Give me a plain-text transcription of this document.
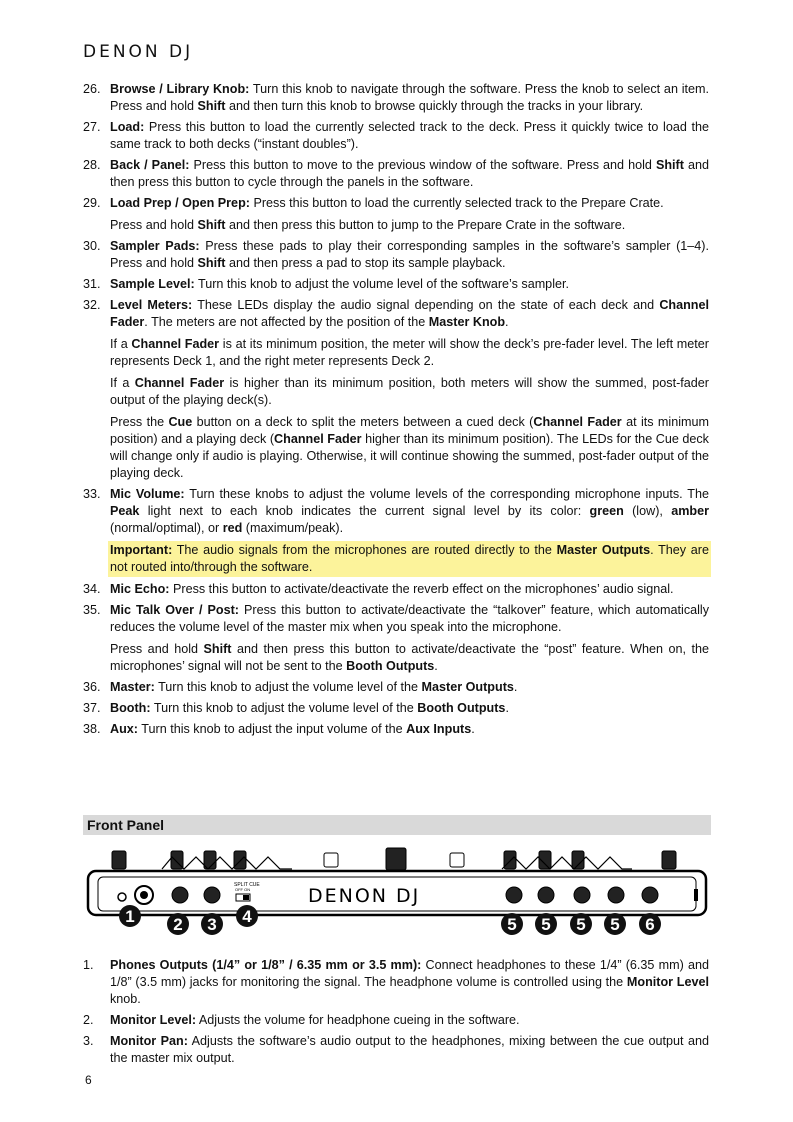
DENON DJ
26. Browse / Library Knob: Turn this knob to navigate through the software. Press the knob to select an item. Press and hold Shift and then turn this knob to browse quickly through the tracks in your library.
27. Load: Press this button to load the currently selected track to the deck. Press it quickly twice to load the same track to both decks (“instant doubles”).
28. Back / Panel: Press this button to move to the previous window of the software. Press and hold Shift and then press this button to cycle through the panels in the software.
29. Load Prep / Open Prep: Press this button to load the currently selected track to the Prepare Crate.
Press and hold Shift and then press this button to jump to the Prepare Crate in the software.
30. Sampler Pads: Press these pads to play their corresponding samples in the software’s sampler (1–4). Press and hold Shift and then press a pad to stop its sample playback.
31. Sample Level: Turn this knob to adjust the volume level of the software’s sampler.
32. Level Meters: These LEDs display the audio signal depending on the state of each deck and Channel Fader. The meters are not affected by the position of the Master Knob.
If a Channel Fader is at its minimum position, the meter will show the deck’s pre-fader level. The left meter represents Deck 1, and the right meter represents Deck 2.
If a Channel Fader is higher than its minimum position, both meters will show the summed, post-fader output of the playing deck(s).
Press the Cue button on a deck to split the meters between a cued deck (Channel Fader at its minimum position) and a playing deck (Channel Fader higher than its minimum position). The LEDs for the Cue deck will change only if audio is playing. Otherwise, it will continue showing the summed, post-fader output of the playing deck.
33. Mic Volume: Turn these knobs to adjust the volume levels of the corresponding microphone inputs. The Peak light next to each knob indicates the current signal level by its color: green (low), amber (normal/optimal), or red (maximum/peak).
Important: The audio signals from the microphones are routed directly to the Master Outputs. They are not routed into/through the software.
34. Mic Echo: Press this button to activate/deactivate the reverb effect on the microphones’ audio signal.
35. Mic Talk Over / Post: Press this button to activate/deactivate the “talkover” feature, which automatically reduces the volume level of the master mix when you speak into the microphone.
Press and hold Shift and then press this button to activate/deactivate the “post” feature. When on, the microphones’ signal will not be sent to the Booth Outputs.
36. Master: Turn this knob to adjust the volume level of the Master Outputs.
37. Booth: Turn this knob to adjust the volume level of the Booth Outputs.
38. Aux: Turn this knob to adjust the input volume of the Aux Inputs.
Front Panel
SPLIT CUE
OFF ON	DENON DJ
1 2 3 4	5 5 5 5 6
1. Phones Outputs (1/4” or 1/8” / 6.35 mm or 3.5 mm): Connect headphones to these 1/4” (6.35 mm) and 1/8” (3.5 mm) jacks for monitoring the signal. The headphone volume is controlled using the Monitor Level knob.
2. Monitor Level: Adjusts the volume for headphone cueing in the software.
3. Monitor Pan: Adjusts the software’s audio output to the headphones, mixing between the cue output and the master mix output.
6
